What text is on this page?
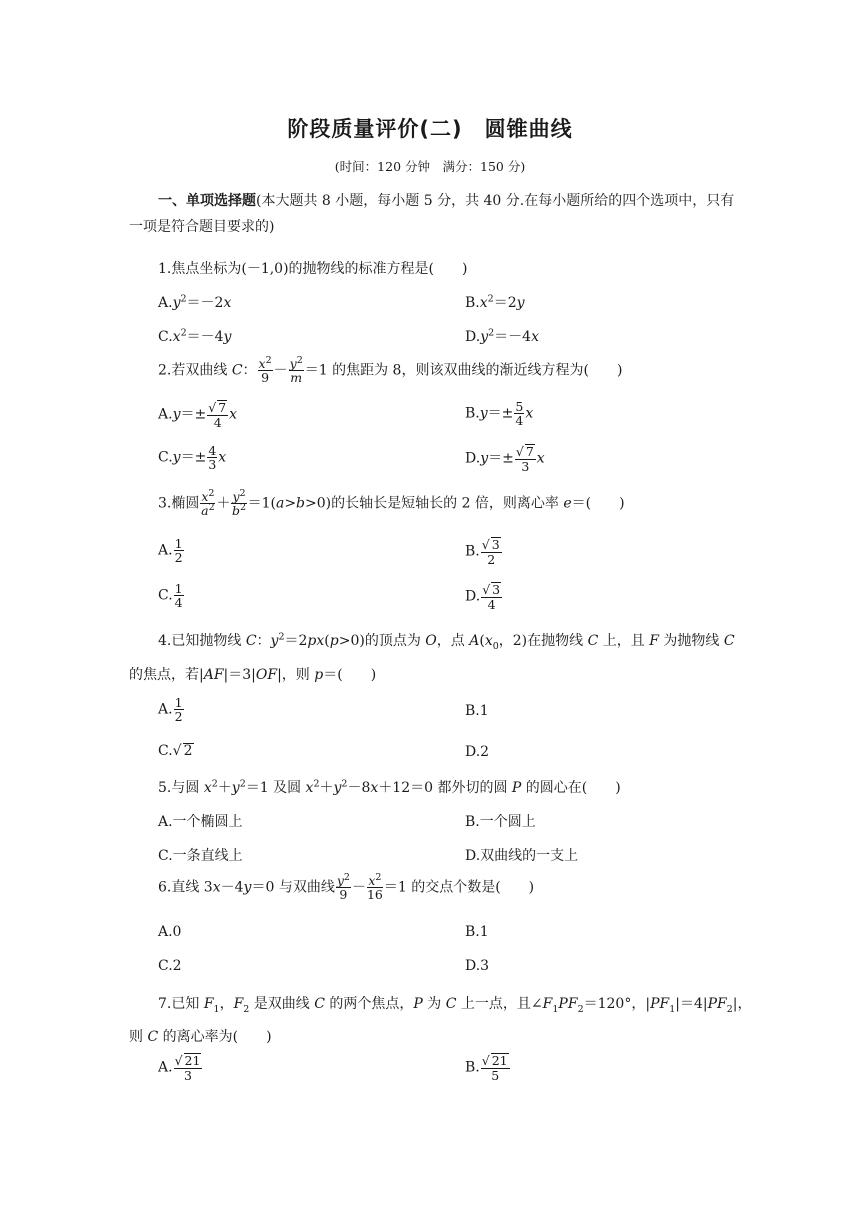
阶段质量评价(二)　圆锥曲线
(时间：120 分钟　满分：150 分)
一、单项选择题(本大题共 8 小题，每小题 5 分，共 40 分.在每小题所给的四个选项中，只有一项是符合题目要求的)
1.焦点坐标为(－1,0)的抛物线的标准方程是(　　 )
$A.y^2=-2x$	$B.x^2=2y$
$C.x^2=-4y$	$D.y^2=-4x$
2.若双曲线 C： $\frac{x^2}{9} - \frac{y^2}{m} =1$ 的焦距为 8，则该双曲线的渐近线方程为(　　 )
$A.y=\pm \frac{√ 7}{4}$ x	$B.y=\pm \frac{5}{4}$ x
$C.y=\pm \frac{4}{3}$ x	$D.y=\pm \frac{√ 7}{3}$ x
3.椭圆 $\frac{x^2}{a^2} + \frac{y^2}{b^2} =1(a>b>0)$的长轴长是短轴长的 2 倍，则离心率 e＝(　　 )
A. $\frac{1}{2}$	B. $\frac{√ 3}{2}$
C. $\frac{1}{4}$	D. $\frac{√ 3}{4}$
4.已知抛物线 C：$y^2=2px(p>0)$的顶点为 O，点 $A(x_0$，2)在抛物线 C 上，且 F 为抛物线 C
的焦点，若|AF|＝3|OF|，则 p＝(　　 )
A. $\frac{1}{2}$	B.1
C.√ 2	D.2
5.与圆 $x^2+y^2=1$ 及圆 $x^2+y^2-8x+12=0$ 都外切的圆 P 的圆心在(　　 )
A.一个椭圆上	B.一个圆上
C.一条直线上	D.双曲线的一支上
6.直线 3x－4y＝0 与双曲线 $\frac{y^2}{9} - \frac{x^2}{16} =1$ 的交点个数是(　　 )
A.0	B.1
C.2	D.3
7.已知 $F_1$，$F_2$ 是双曲线 C 的两个焦点，P 为 C 上一点，且$\angle F_1PF_2=120^\circ$，$|PF_1|=4|PF_2|$，
则 C 的离心率为(　　 )
A. $\frac{√ 21}{3}$	B. $\frac{√ 21}{5}$
